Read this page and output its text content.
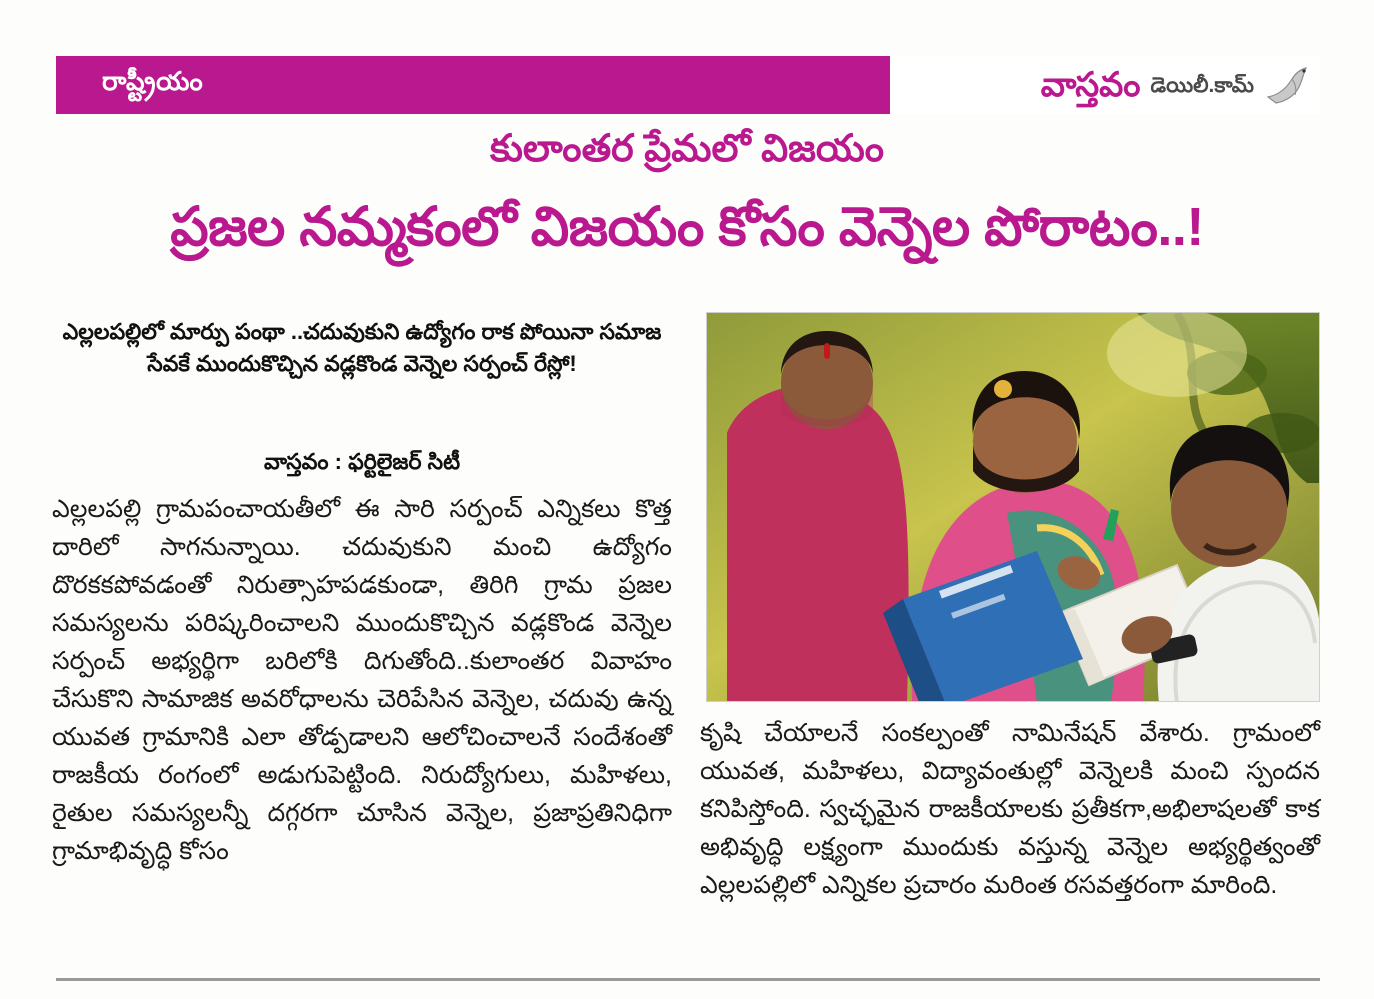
రాష్ట్రీయం	వాస్తవం డెయిలీ.కామ్
కులాంతర ప్రేమలో విజయం
ప్రజల నమ్మకంలో విజయం కోసం వెన్నెల పోరాటం..!
ఎల్లలపల్లిలో మార్పు పంథా ..చదువుకుని ఉద్యోగం రాక పోయినా సమాజ సేవకే ముందుకొచ్చిన వడ్లకొండ వెన్నెల సర్పంచ్ రేస్లో!
వాస్తవం : ఫర్టిలైజర్ సిటీ

ఎల్లలపల్లి గ్రామపంచాయతీలో ఈ సారి సర్పంచ్ ఎన్నికలు కొత్త దారిలో సాగనున్నాయి. చదువుకుని మంచి ఉద్యోగం దొరకకపోవడంతో నిరుత్సాహపడకుండా, తిరిగి గ్రామ ప్రజల సమస్యలను పరిష్కరించాలని ముందుకొచ్చిన వడ్లకొండ వెన్నెల సర్పంచ్ అభ్యర్థిగా బరిలోకి దిగుతోంది..కులాంతర వివాహం చేసుకొని సామాజిక అవరోధాలను చెరిపేసిన వెన్నెల, చదువు ఉన్న యువత గ్రామానికి ఎలా తోడ్పడాలని ఆలోచించాలనే సందేశంతో రాజకీయ రంగంలో అడుగుపెట్టింది. నిరుద్యోగులు, మహిళలు, రైతుల సమస్యలన్నీ దగ్గరగా చూసిన వెన్నెల, ప్రజాప్రతినిధిగా గ్రామాభివృద్ధి కోసం

కృషి చేయాలనే సంకల్పంతో నామినేషన్ వేశారు. గ్రామంలో యువత, మహిళలు, విద్యావంతుల్లో వెన్నెలకి మంచి స్పందన కనిపిస్తోంది. స్వచ్ఛమైన రాజకీయాలకు ప్రతీకగా,అభిలాషలతో కాక అభివృద్ధి లక్ష్యంగా ముందుకు వస్తున్న వెన్నెల అభ్యర్థిత్వంతో ఎల్లలపల్లిలో ఎన్నికల ప్రచారం మరింత రసవత్తరంగా మారింది.
